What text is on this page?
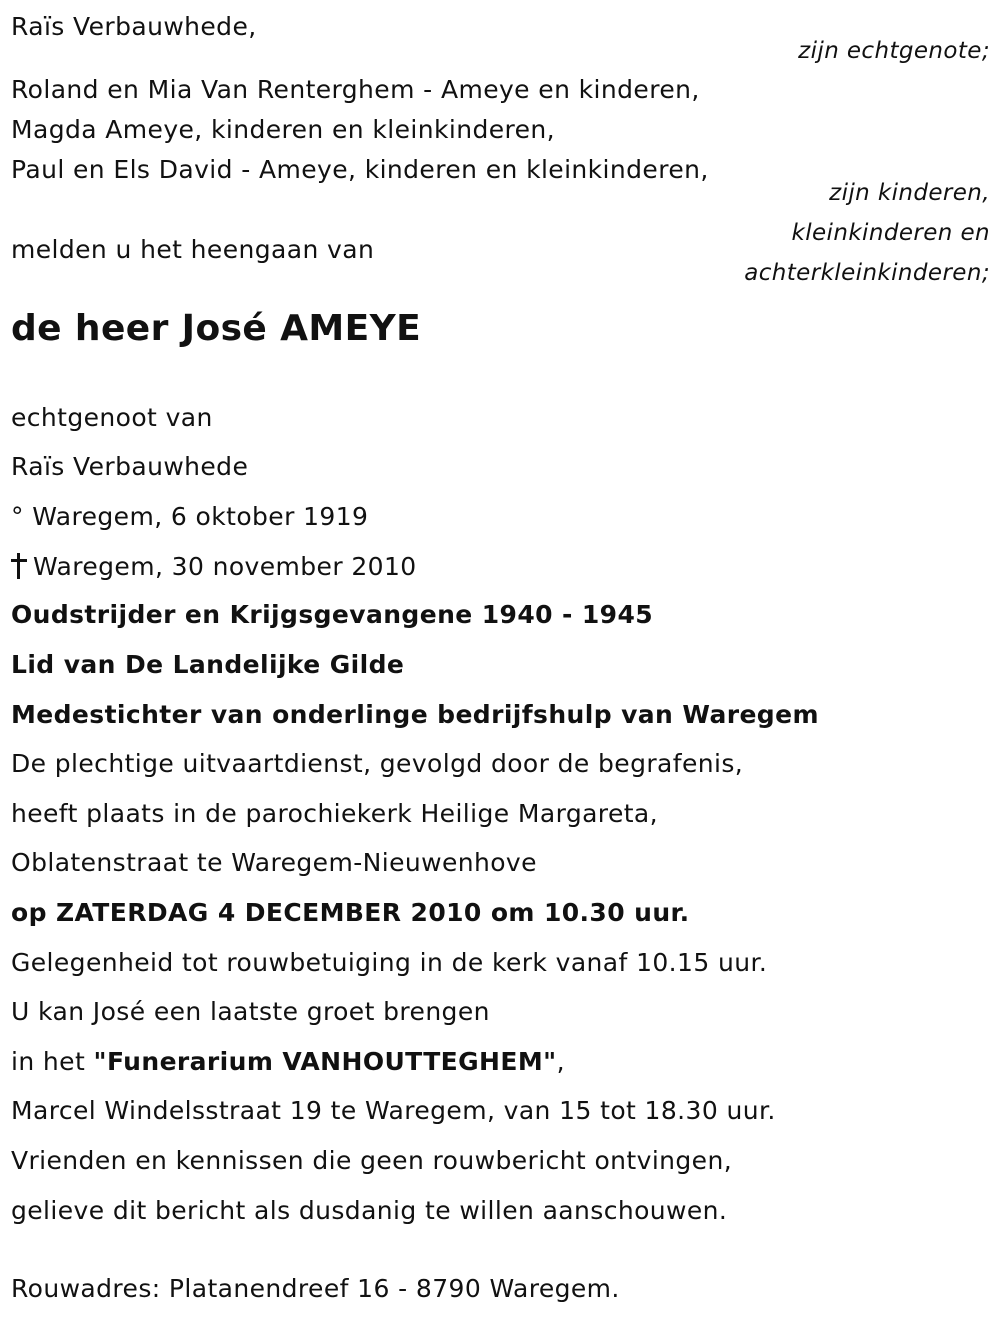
Raïs Verbauwhede,
zijn echtgenote;
Roland en Mia Van Renterghem - Ameye en kinderen,
Magda Ameye, kinderen en kleinkinderen,
Paul en Els David - Ameye, kinderen en kleinkinderen,
zijn kinderen,
kleinkinderen en
achterkleinkinderen;
melden u het heengaan van
de heer José AMEYE
echtgenoot van
Raïs Verbauwhede
° Waregem, 6 oktober 1919
Waregem, 30 november 2010
Oudstrijder en Krijgsgevangene 1940 - 1945
Lid van De Landelijke Gilde
Medestichter van onderlinge bedrijfshulp van Waregem
De plechtige uitvaartdienst, gevolgd door de begrafenis,
heeft plaats in de parochiekerk Heilige Margareta,
Oblatenstraat te Waregem-Nieuwenhove
op ZATERDAG 4 DECEMBER 2010 om 10.30 uur.
Gelegenheid tot rouwbetuiging in de kerk vanaf 10.15 uur.
U kan José een laatste groet brengen
in het "Funerarium VANHOUTTEGHEM",
Marcel Windelsstraat 19 te Waregem, van 15 tot 18.30 uur.
Vrienden en kennissen die geen rouwbericht ontvingen,
gelieve dit bericht als dusdanig te willen aanschouwen.
Rouwadres: Platanendreef 16 - 8790 Waregem.
